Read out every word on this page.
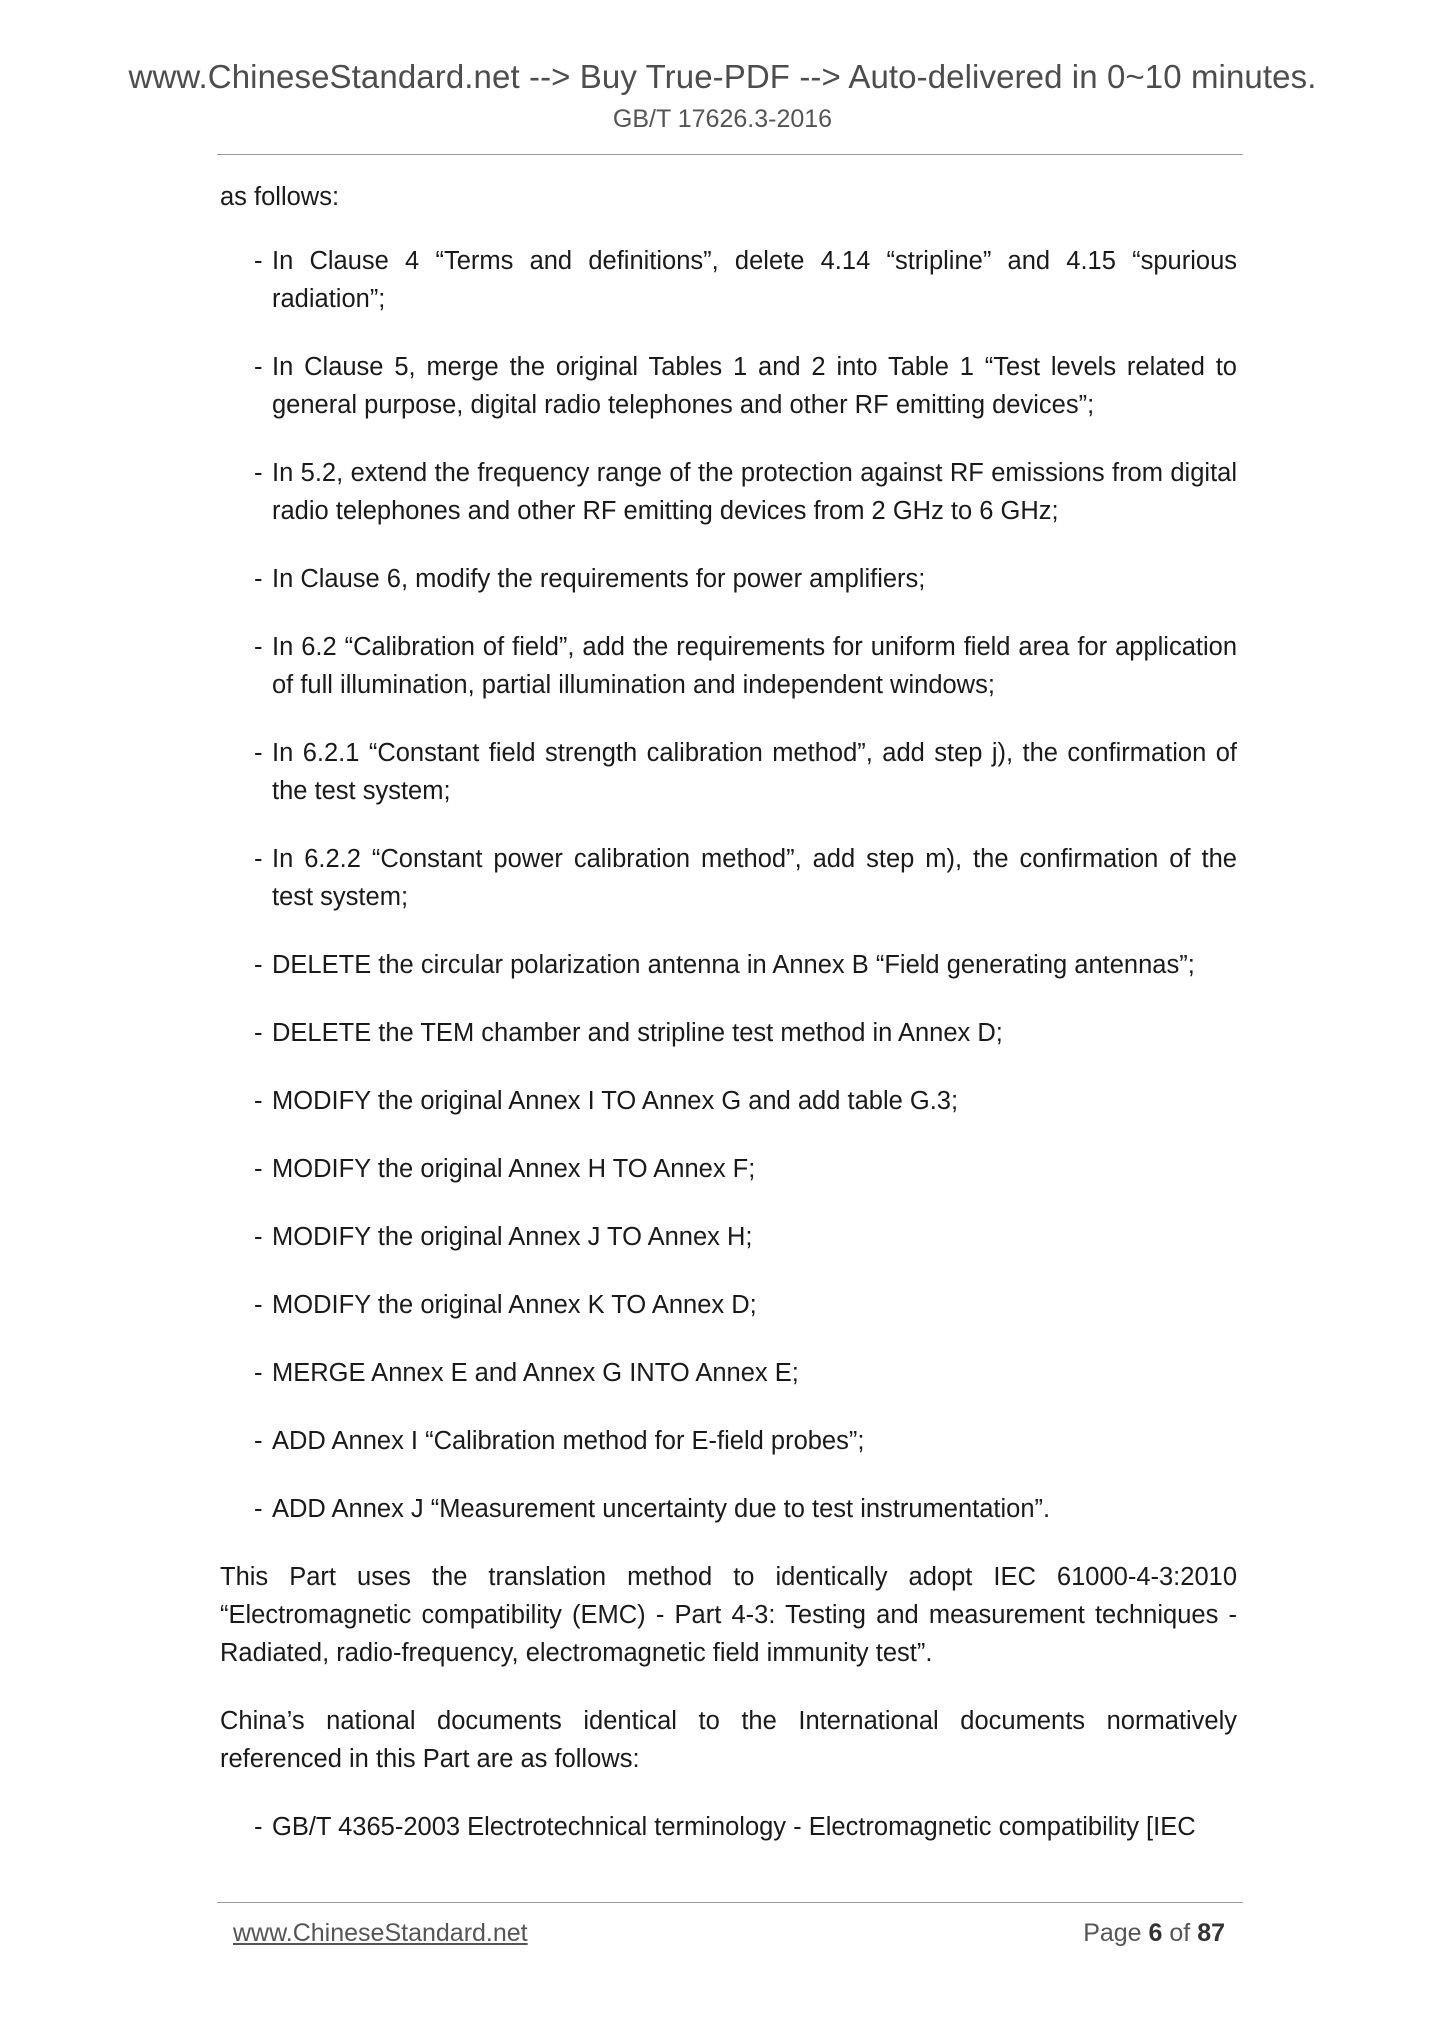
www.ChineseStandard.net --> Buy True-PDF --> Auto-delivered in 0~10 minutes.
GB/T 17626.3-2016

as follows:

- In Clause 4 “Terms and definitions”, delete 4.14 “stripline” and 4.15 “spurious radiation”;
- In Clause 5, merge the original Tables 1 and 2 into Table 1 “Test levels related to general purpose, digital radio telephones and other RF emitting devices”;
- In 5.2, extend the frequency range of the protection against RF emissions from digital radio telephones and other RF emitting devices from 2 GHz to 6 GHz;
- In Clause 6, modify the requirements for power amplifiers;
- In 6.2 “Calibration of field”, add the requirements for uniform field area for application of full illumination, partial illumination and independent windows;
- In 6.2.1 “Constant field strength calibration method”, add step j), the confirmation of the test system;
- In 6.2.2 “Constant power calibration method”, add step m), the confirmation of the test system;
- DELETE the circular polarization antenna in Annex B “Field generating antennas”;
- DELETE the TEM chamber and stripline test method in Annex D;
- MODIFY the original Annex I TO Annex G and add table G.3;
- MODIFY the original Annex H TO Annex F;
- MODIFY the original Annex J TO Annex H;
- MODIFY the original Annex K TO Annex D;
- MERGE Annex E and Annex G INTO Annex E;
- ADD Annex I “Calibration method for E-field probes”;
- ADD Annex J “Measurement uncertainty due to test instrumentation”.

This Part uses the translation method to identically adopt IEC 61000-4-3:2010 “Electromagnetic compatibility (EMC) - Part 4-3: Testing and measurement techniques - Radiated, radio-frequency, electromagnetic field immunity test”.

China’s national documents identical to the International documents normatively referenced in this Part are as follows:

- GB/T 4365-2003 Electrotechnical terminology - Electromagnetic compatibility [IEC
www.ChineseStandard.net	Page 6 of 87
